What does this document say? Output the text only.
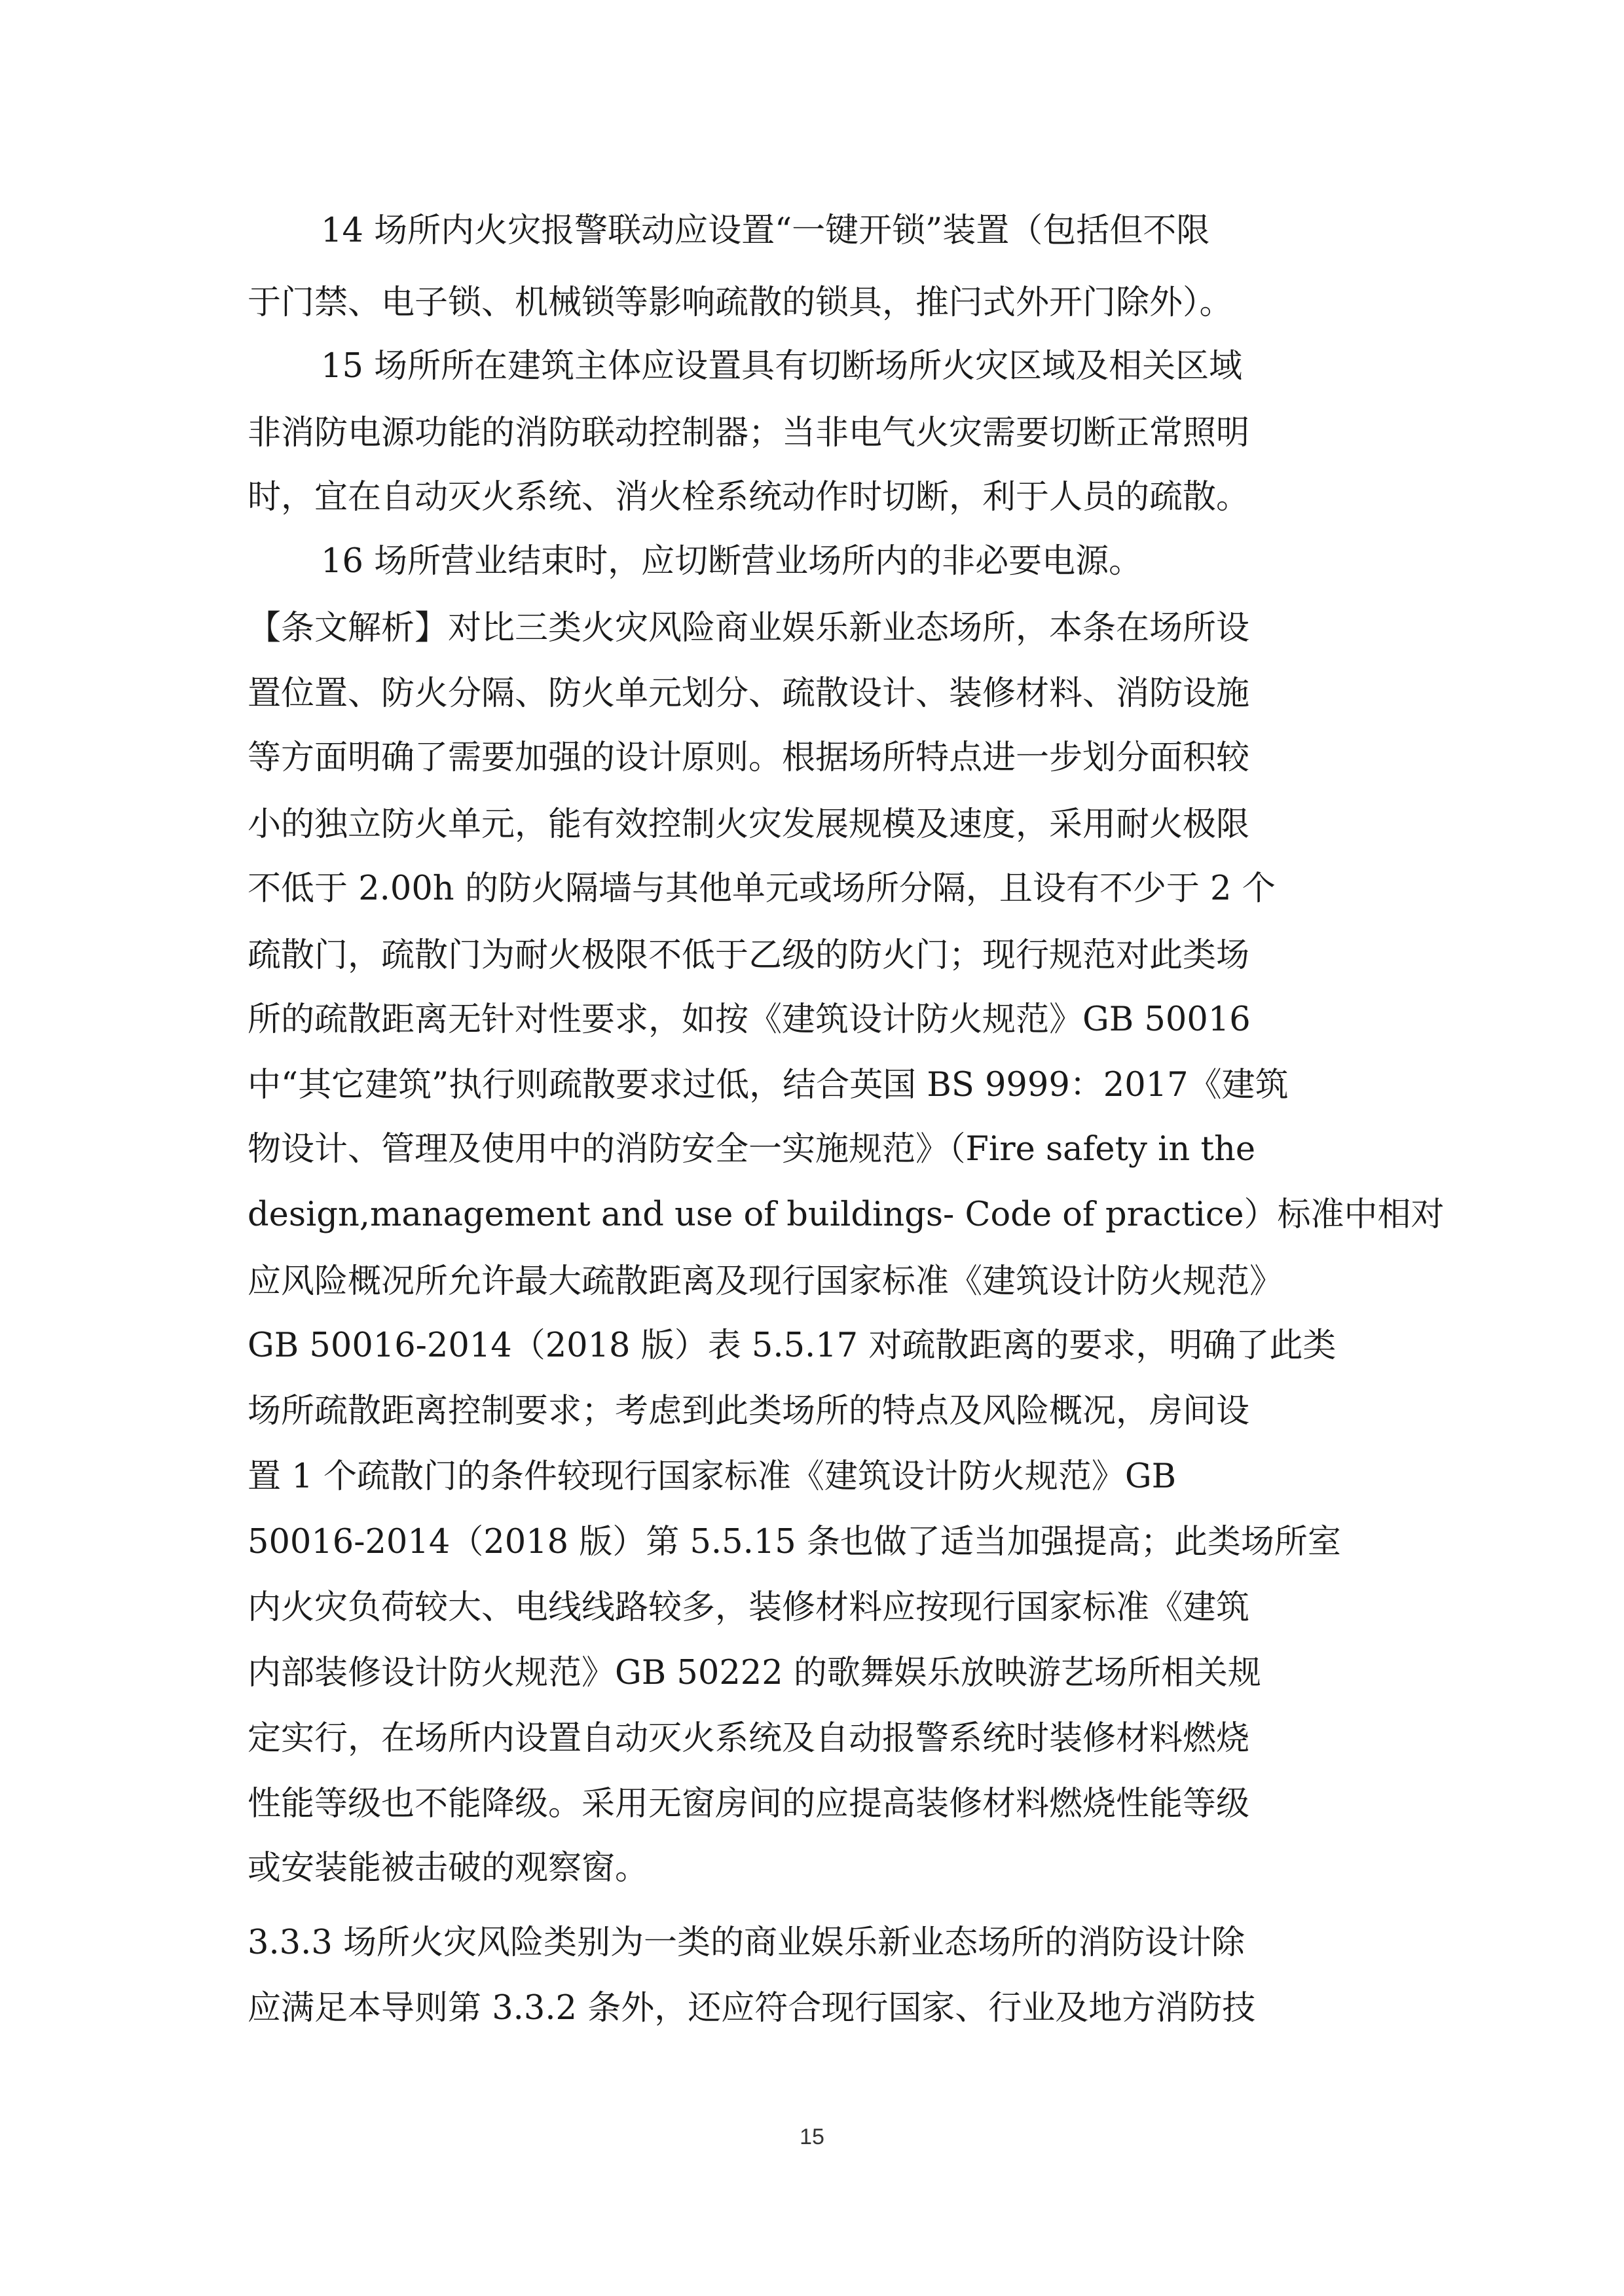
14 场所内火灾报警联动应设置“一键开锁”装置（包括但不限

于门禁、电子锁、机械锁等影响疏散的锁具，推闩式外开门除外）。

15 场所所在建筑主体应设置具有切断场所火灾区域及相关区域

非消防电源功能的消防联动控制器；当非电气火灾需要切断正常照明

时，宜在自动灭火系统、消火栓系统动作时切断，利于人员的疏散。

16 场所营业结束时，应切断营业场所内的非必要电源。

【条文解析】对比三类火灾风险商业娱乐新业态场所，本条在场所设

置位置、防火分隔、防火单元划分、疏散设计、装修材料、消防设施

等方面明确了需要加强的设计原则。根据场所特点进一步划分面积较

小的独立防火单元，能有效控制火灾发展规模及速度，采用耐火极限

不低于 2.00h 的防火隔墙与其他单元或场所分隔，且设有不少于 2 个

疏散门，疏散门为耐火极限不低于乙级的防火门；现行规范对此类场

所的疏散距离无针对性要求，如按《建筑设计防火规范》GB 50016

中“其它建筑”执行则疏散要求过低，结合英国 BS 9999：2017《建筑

物设计、管理及使用中的消防安全一实施规范》（Fire safety in the

design,management and use of buildings- Code of practice）标准中相对

应风险概况所允许最大疏散距离及现行国家标准《建筑设计防火规范》

GB 50016-2014（2018 版）表 5.5.17 对疏散距离的要求，明确了此类

场所疏散距离控制要求；考虑到此类场所的特点及风险概况，房间设

置 1 个疏散门的条件较现行国家标准《建筑设计防火规范》GB

50016-2014（2018 版）第 5.5.15 条也做了适当加强提高；此类场所室

内火灾负荷较大、电线线路较多，装修材料应按现行国家标准《建筑

内部装修设计防火规范》GB 50222 的歌舞娱乐放映游艺场所相关规

定实行，在场所内设置自动灭火系统及自动报警系统时装修材料燃烧

性能等级也不能降级。采用无窗房间的应提高装修材料燃烧性能等级

或安装能被击破的观察窗。

3.3.3 场所火灾风险类别为一类的商业娱乐新业态场所的消防设计除

应满足本导则第 3.3.2 条外，还应符合现行国家、行业及地方消防技

15
